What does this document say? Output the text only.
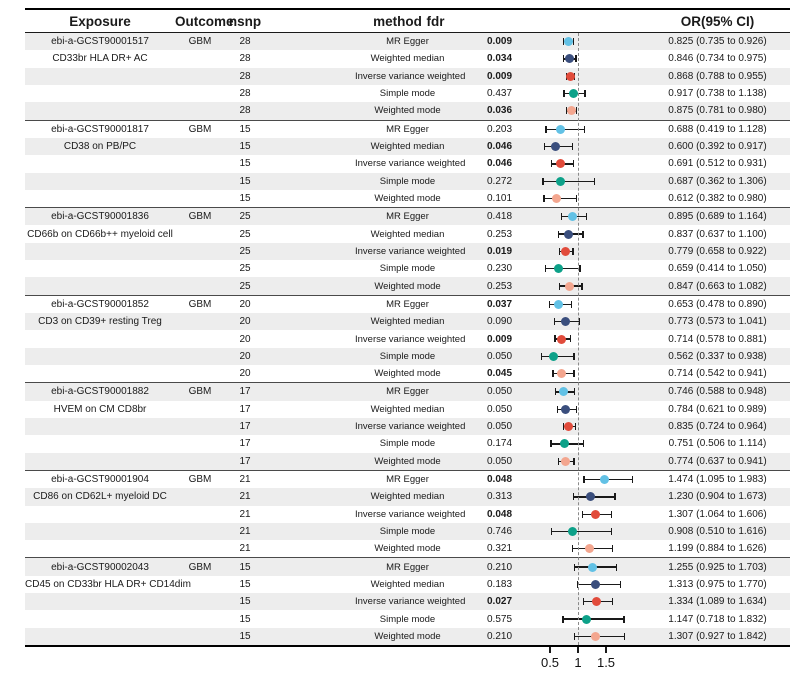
Exposure	Outcome
nsnp	method fdr	OR(95% CI)
ebi-a-GCST90001517	GBM	28	MR Egger	0.009	0.825 (0.735 to 0.926)
CD33br HLA DR+ AC	28	Weighted median	0.034	0.846 (0.734 to 0.975)
28	Inverse variance weighted	0.009	0.868 (0.788 to 0.955)
28	Simple mode	0.437	0.917 (0.738 to 1.138)
28	Weighted mode	0.036	0.875 (0.781 to 0.980)
ebi-a-GCST90001817	GBM	15	MR Egger	0.203	0.688 (0.419 to 1.128)
CD38 on PB/PC	15	Weighted median	0.046	0.600 (0.392 to 0.917)
15	Inverse variance weighted	0.046	0.691 (0.512 to 0.931)
15	Simple mode	0.272	0.687 (0.362 to 1.306)
15	Weighted mode	0.101	0.612 (0.382 to 0.980)
ebi-a-GCST90001836	GBM	25	MR Egger	0.418	0.895 (0.689 to 1.164)
CD66b on CD66b++ myeloid cell	25	Weighted median	0.253	0.837 (0.637 to 1.100)
25	Inverse variance weighted	0.019	0.779 (0.658 to 0.922)
25	Simple mode	0.230	0.659 (0.414 to 1.050)
25	Weighted mode	0.253	0.847 (0.663 to 1.082)
ebi-a-GCST90001852	GBM	20	MR Egger	0.037	0.653 (0.478 to 0.890)
CD3 on CD39+ resting Treg	20	Weighted median	0.090	0.773 (0.573 to 1.041)
20	Inverse variance weighted	0.009	0.714 (0.578 to 0.881)
20	Simple mode	0.050	0.562 (0.337 to 0.938)
20	Weighted mode	0.045	0.714 (0.542 to 0.941)
ebi-a-GCST90001882	GBM	17	MR Egger	0.050	0.746 (0.588 to 0.948)
HVEM on CM CD8br	17	Weighted median	0.050	0.784 (0.621 to 0.989)
17	Inverse variance weighted	0.050	0.835 (0.724 to 0.964)
17	Simple mode	0.174	0.751 (0.506 to 1.114)
17	Weighted mode	0.050	0.774 (0.637 to 0.941)
ebi-a-GCST90001904	GBM	21	MR Egger	0.048	1.474 (1.095 to 1.983)
CD86 on CD62L+ myeloid DC	21	Weighted median	0.313	1.230 (0.904 to 1.673)
21	Inverse variance weighted	0.048	1.307 (1.064 to 1.606)
21	Simple mode	0.746	0.908 (0.510 to 1.616)
21	Weighted mode	0.321	1.199 (0.884 to 1.626)
ebi-a-GCST90002043	GBM	15	MR Egger	0.210	1.255 (0.925 to 1.703)
CD45 on CD33br HLA DR+ CD14dim	15	Weighted median	0.183	1.313 (0.975 to 1.770)
15	Inverse variance weighted	0.027	1.334 (1.089 to 1.634)
15	Simple mode	0.575	1.147 (0.718 to 1.832)
15	Weighted mode	0.210	1.307 (0.927 to 1.842)
0.5 1 1.5
